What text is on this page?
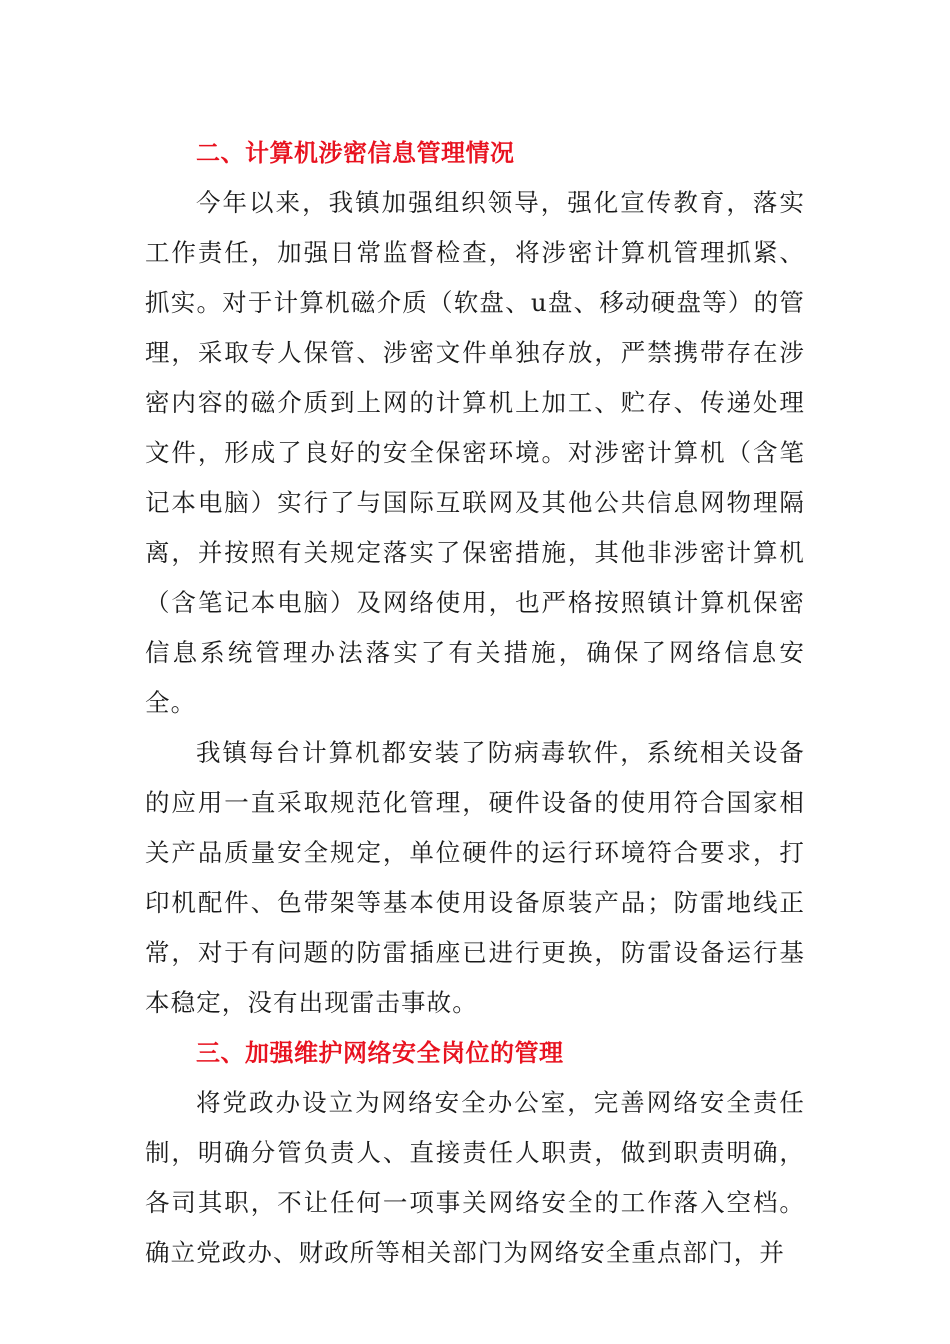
二、计算机涉密信息管理情况

今年以来，我镇加强组织领导，强化宣传教育，落实工作责任，加强日常监督检查，将涉密计算机管理抓紧、抓实。对于计算机磁介质（软盘、u盘、移动硬盘等）的管理，采取专人保管、涉密文件单独存放，严禁携带存在涉密内容的磁介质到上网的计算机上加工、贮存、传递处理文件，形成了良好的安全保密环境。对涉密计算机（含笔记本电脑）实行了与国际互联网及其他公共信息网物理隔离，并按照有关规定落实了保密措施，其他非涉密计算机（含笔记本电脑）及网络使用，也严格按照镇计算机保密信息系统管理办法落实了有关措施，确保了网络信息安全。

我镇每台计算机都安装了防病毒软件，系统相关设备的应用一直采取规范化管理，硬件设备的使用符合国家相关产品质量安全规定，单位硬件的运行环境符合要求，打印机配件、色带架等基本使用设备原装产品；防雷地线正常，对于有问题的防雷插座已进行更换，防雷设备运行基本稳定，没有出现雷击事故。

三、加强维护网络安全岗位的管理

将党政办设立为网络安全办公室，完善网络安全责任制，明确分管负责人、直接责任人职责，做到职责明确，各司其职，不让任何一项事关网络安全的工作落入空档。确立党政办、财政所等相关部门为网络安全重点部门，并
